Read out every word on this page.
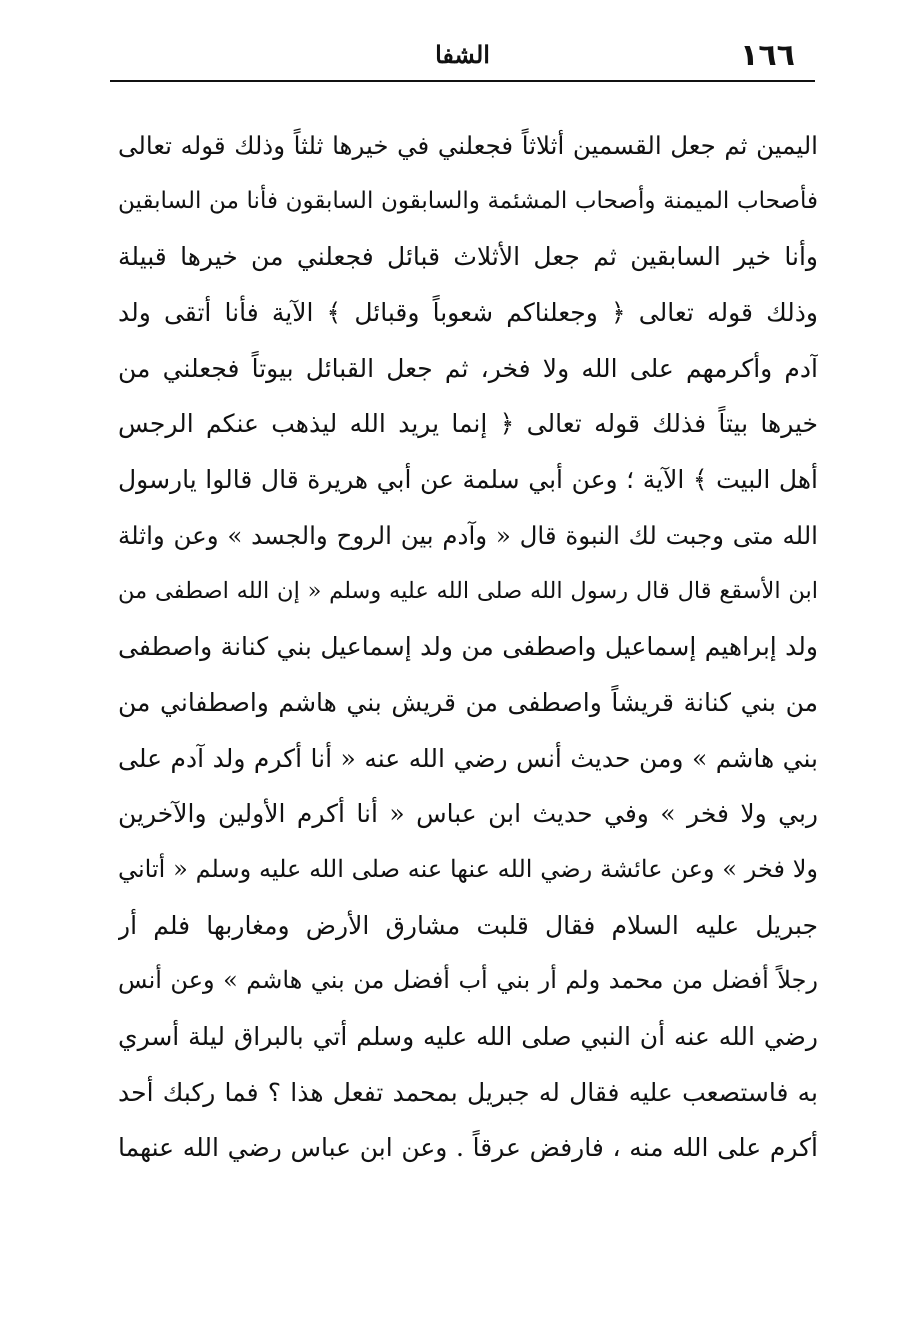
١٦٦
الشفا
اليمين ثم جعل القسمين أثلاثاً فجعلني في خيرها ثلثاً وذلك قوله تعالى
فأصحاب الميمنة وأصحاب المشئمة والسابقون السابقون فأنا من السابقين
وأنا خير السابقين ثم جعل الأثلاث قبائل فجعلني من خيرها قبيلة
وذلك قوله تعالى ﴿ وجعلناكم شعوباً وقبائل ﴾ الآية فأنا أتقى ولد
آدم وأكرمهم على الله ولا فخر، ثم جعل القبائل بيوتاً فجعلني من
خيرها بيتاً فذلك قوله تعالى ﴿ إنما يريد الله ليذهب عنكم الرجس
أهل البيت ﴾ الآية ؛ وعن أبي سلمة عن أبي هريرة قال قالوا يارسول
الله متى وجبت لك النبوة قال « وآدم بين الروح والجسد » وعن واثلة
ابن الأسقع قال قال رسول الله صلى الله عليه وسلم « إن الله اصطفى من
ولد إبراهيم إسماعيل واصطفى من ولد إسماعيل بني كنانة واصطفى
من بني كنانة قريشاً واصطفى من قريش بني هاشم واصطفاني من
بني هاشم » ومن حديث أنس رضي الله عنه « أنا أكرم ولد آدم على
ربي ولا فخر » وفي حديث ابن عباس « أنا أكرم الأولين والآخرين
ولا فخر » وعن عائشة رضي الله عنها عنه صلى الله عليه وسلم « أتاني
جبريل عليه السلام فقال قلبت مشارق الأرض ومغاربها فلم أر
رجلاً أفضل من محمد ولم أر بني أب أفضل من بني هاشم » وعن أنس
رضي الله عنه أن النبي صلى الله عليه وسلم أتي بالبراق ليلة أسري
به فاستصعب عليه فقال له جبريل بمحمد تفعل هذا ؟ فما ركبك أحد
أكرم على الله منه ، فارفض عرقاً . وعن ابن عباس رضي الله عنهما
